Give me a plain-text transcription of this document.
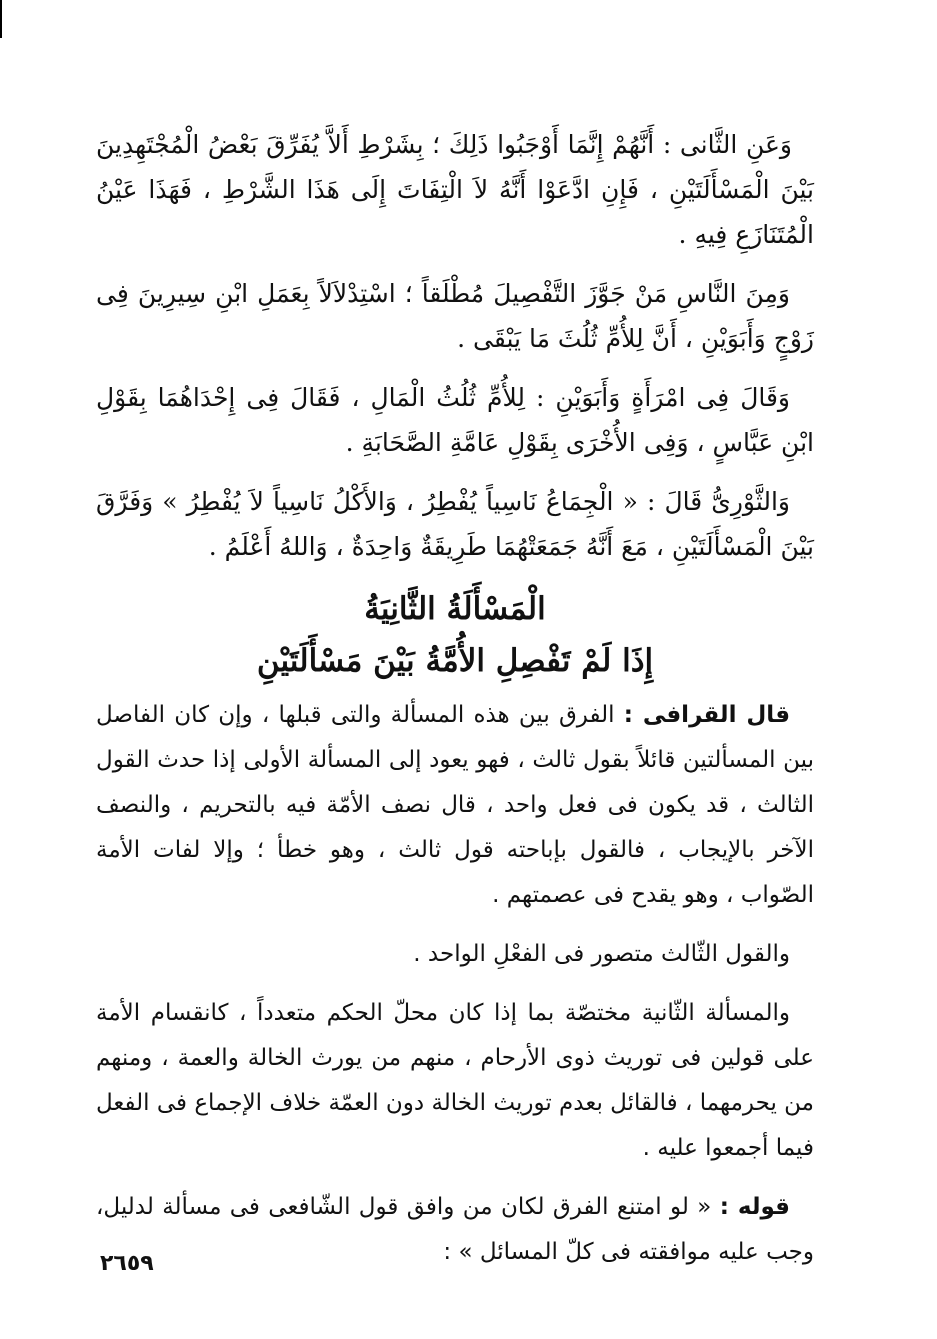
وَعَنِ الثَّانى : أَنَّهُمْ إِنَّمَا أَوْجَبُوا ذَلِكَ ؛ بِشَرْطِ أَلاَّ يُفَرِّقَ بَعْضُ الْمُجْتَهِدِينَ بَيْنَ الْمَسْأَلَتَيْنِ ، فَإِنِ ادَّعَوْا أَنَّهُ لاَ الْتِفَاتَ إِلَى هَذَا الشَّرْطِ ، فَهَذَا عَيْنُ الْمُتَنَازَعِ فِيهِ .

وَمِنَ النَّاسِ مَنْ جَوَّزَ التَّفْصِيلَ مُطْلَقاً ؛ اسْتِدْلاَلاً بِعَمَلِ ابْنِ سِيرِينَ فِى زَوْجٍ وَأَبَوَيْنِ ، أَنَّ لِلأُمِّ ثُلُثَ مَا يَبْقَى .

وَقَالَ فِى امْرَأَةٍ وَأَبَوَيْنِ : لِلأُمِّ ثُلُثُ الْمَالِ ، فَقَالَ فِى إِحْدَاهُمَا بِقَوْلِ ابْنِ عَبَّاسٍ ، وَفِى الأُخْرَى بِقَوْلِ عَامَّةِ الصَّحَابَةِ .

وَالثَّوْرِىُّ قَالَ : « الْجِمَاعُ نَاسِياً يُفْطِرُ ، وَالأَكْلُ نَاسِياً لاَ يُفْطِرُ » وَفَرَّقَ بَيْنَ الْمَسْأَلَتَيْنِ ، مَعَ أَنَّهُ جَمَعَتْهُمَا طَرِيقَةٌ وَاحِدَةٌ ، وَاللهُ أَعْلَمُ .

الْمَسْأَلَةُ الثَّانِيَةُ
إِذَا لَمْ تَفْصِلِ الأُمَّةُ بَيْنَ مَسْأَلَتَيْنِ

قال القرافى : الفرق بين هذه المسألة والتى قبلها ، وإن كان الفاصل بين المسألتين قائلاً بقول ثالث ، فهو يعود إلى المسألة الأولى إذا حدث القول الثالث ، قد يكون فى فعل واحد ، قال نصف الأمّة فيه بالتحريم ، والنصف الآخر بالإيجاب ، فالقول بإباحته قول ثالث ، وهو خطأ ؛ وإلا لفات الأمة الصّواب ، وهو يقدح فى عصمتهم .

والقول الثّالث متصور فى الفعْلِ الواحد .

والمسألة الثّانية مختصّة بما إذا كان محلّ الحكم متعدداً ، كانقسام الأمة على قولين فى توريث ذوى الأرحام ، منهم من يورث الخالة والعمة ، ومنهم من يحرمهما ، فالقائل بعدم توريث الخالة دون العمّة خلاف الإجماع فى الفعل فيما أجمعوا عليه .

قوله : « لو امتنع الفرق لكان من وافق قول الشّافعى فى مسألة لدليل، وجب عليه موافقته فى كلّ المسائل » :

٢٦٥٩
